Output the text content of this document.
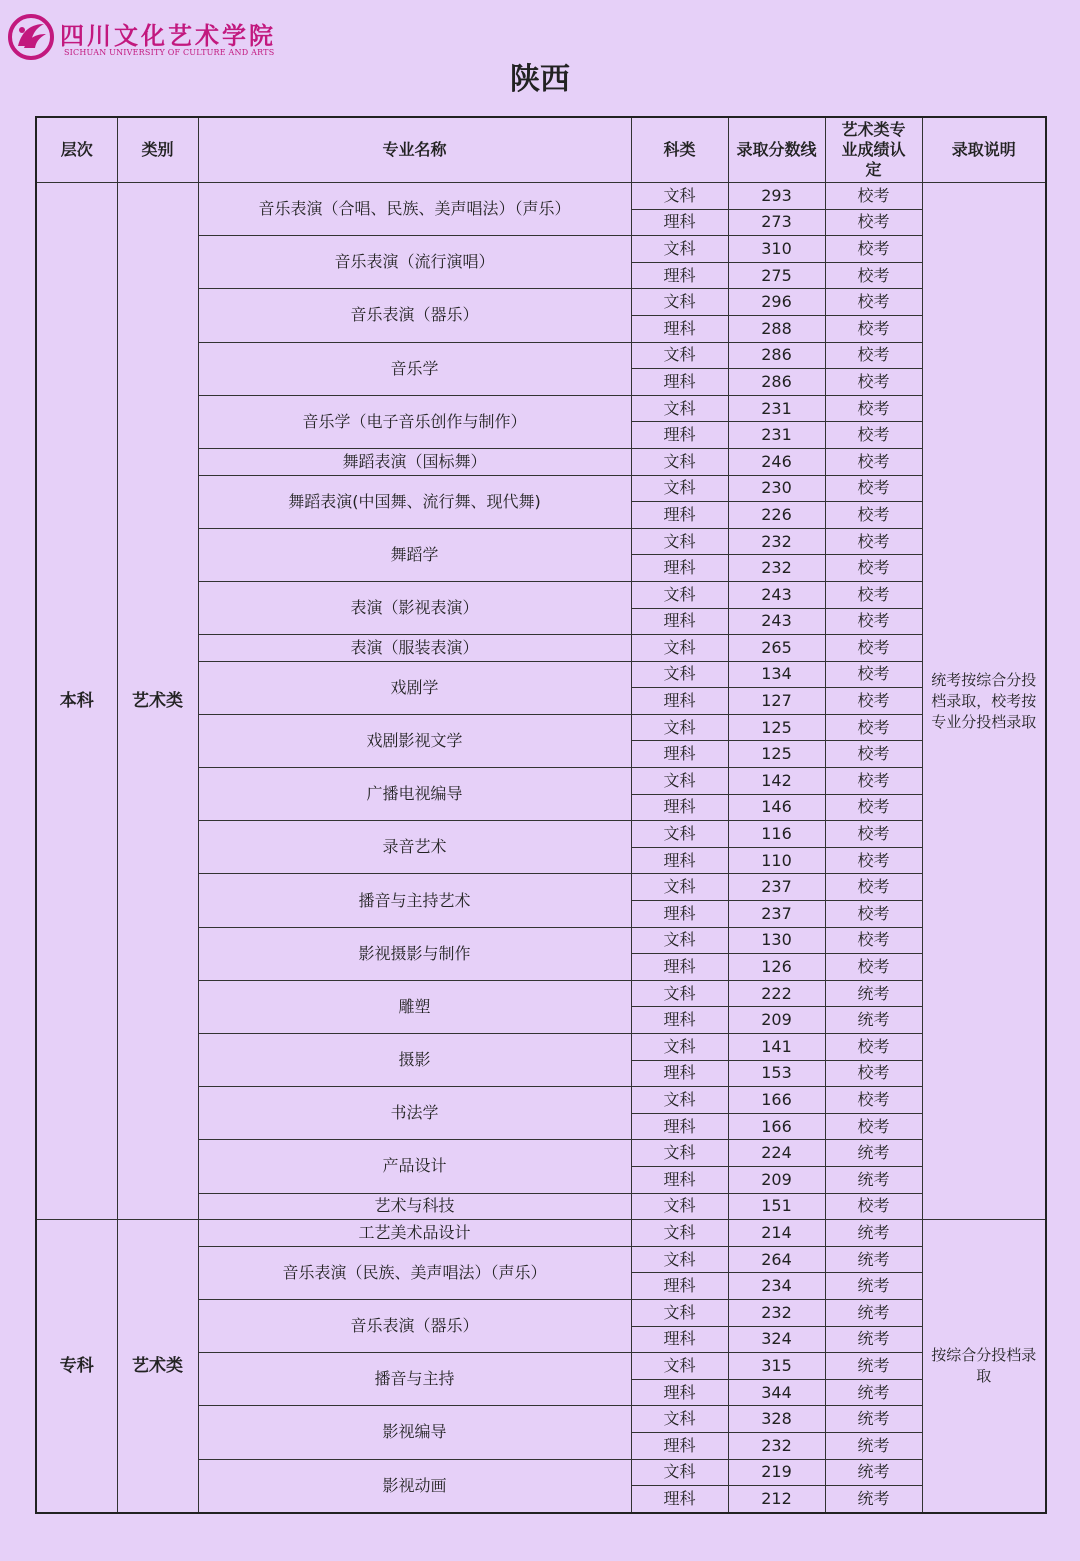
四川文化艺术学院
SICHUAN UNIVERSITY OF CULTURE AND ARTS
陕西
层次	类别	专业名称	科类	录取分数线	艺术类专业成绩认定	录取说明
本科	艺术类	音乐表演（合唱、民族、美声唱法）（声乐）	文科	293	校考	统考按综合分投档录取，校考按专业分投档录取
			理科	273	校考	
		音乐表演（流行演唱）	文科	310	校考	
			理科	275	校考	
		音乐表演（器乐）	文科	296	校考	
			理科	288	校考	
		音乐学	文科	286	校考	
			理科	286	校考	
		音乐学（电子音乐创作与制作）	文科	231	校考	
			理科	231	校考	
		舞蹈表演（国标舞）	文科	246	校考	
		舞蹈表演(中国舞、流行舞、现代舞)	文科	230	校考	
			理科	226	校考	
		舞蹈学	文科	232	校考	
			理科	232	校考	
		表演（影视表演）	文科	243	校考	
			理科	243	校考	
		表演（服装表演）	文科	265	校考	
		戏剧学	文科	134	校考	
			理科	127	校考	
		戏剧影视文学	文科	125	校考	
			理科	125	校考	
		广播电视编导	文科	142	校考	
			理科	146	校考	
		录音艺术	文科	116	校考	
			理科	110	校考	
		播音与主持艺术	文科	237	校考	
			理科	237	校考	
		影视摄影与制作	文科	130	校考	
			理科	126	校考	
		雕塑	文科	222	统考	
			理科	209	统考	
		摄影	文科	141	校考	
			理科	153	校考	
		书法学	文科	166	校考	
			理科	166	校考	
		产品设计	文科	224	统考	
			理科	209	统考	
		艺术与科技	文科	151	校考	
专科	艺术类	工艺美术品设计	文科	214	统考	按综合分投档录取
		音乐表演（民族、美声唱法）（声乐）	文科	264	统考	
			理科	234	统考	
		音乐表演（器乐）	文科	232	统考	
			理科	324	统考	
		播音与主持	文科	315	统考	
			理科	344	统考	
		影视编导	文科	328	统考	
			理科	232	统考	
		影视动画	文科	219	统考	
			理科	212	统考	
